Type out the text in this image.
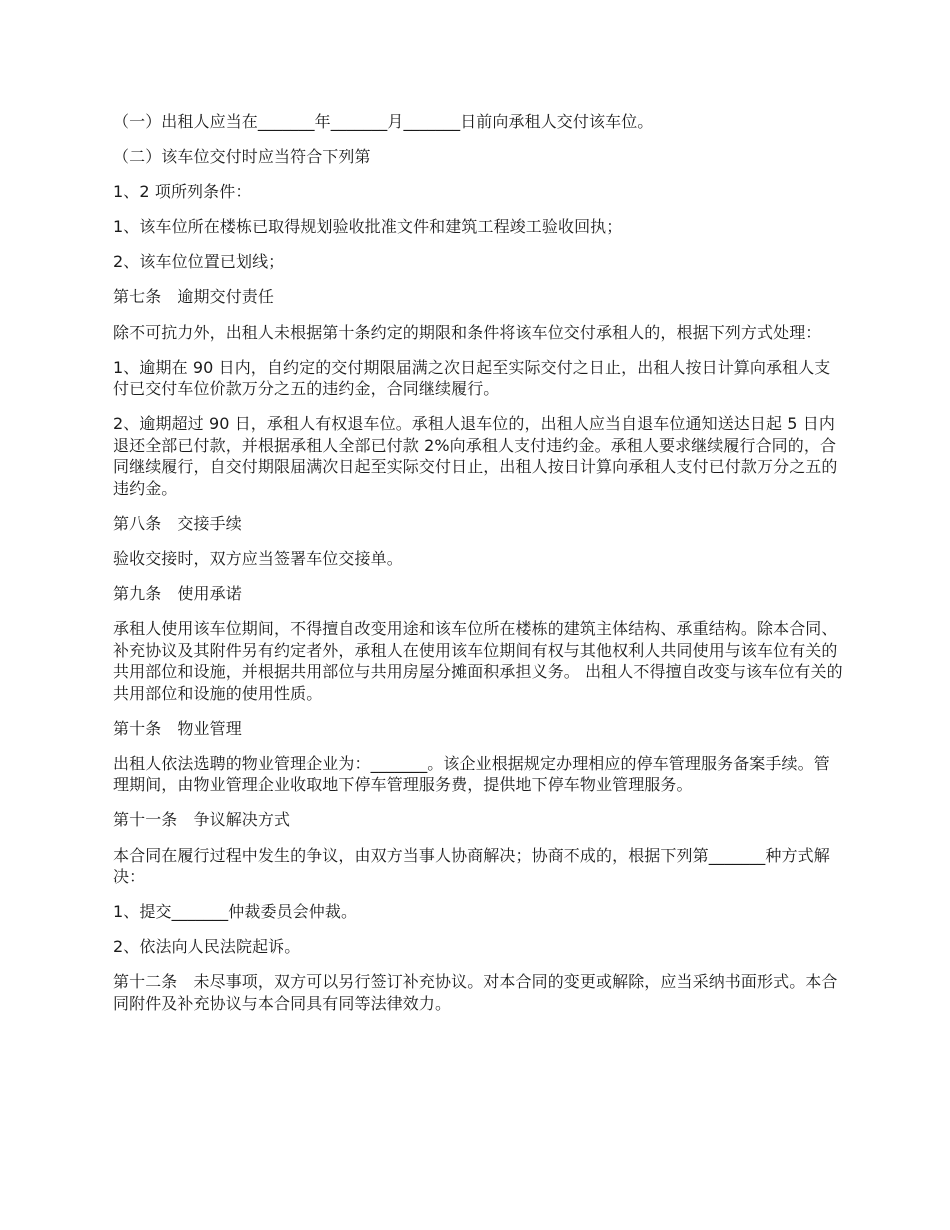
（一）出租人应当在_______年_______月_______日前向承租人交付该车位。

（二）该车位交付时应当符合下列第

1、2 项所列条件：

1、该车位所在楼栋已取得规划验收批准文件和建筑工程竣工验收回执；

2、该车位位置已划线；

第七条　逾期交付责任

除不可抗力外，出租人未根据第十条约定的期限和条件将该车位交付承租人的，根据下列方式处理：

1、逾期在 90 日内，自约定的交付期限届满之次日起至实际交付之日止，出租人按日计算向承租人支付已交付车位价款万分之五的违约金，合同继续履行。

2、逾期超过 90 日，承租人有权退车位。承租人退车位的，出租人应当自退车位通知送达日起 5 日内退还全部已付款，并根据承租人全部已付款 2%向承租人支付违约金。承租人要求继续履行合同的，合同继续履行，自交付期限届满次日起至实际交付日止，出租人按日计算向承租人支付已付款万分之五的违约金。

第八条　交接手续

验收交接时，双方应当签署车位交接单。

第九条　使用承诺

承租人使用该车位期间，不得擅自改变用途和该车位所在楼栋的建筑主体结构、承重结构。除本合同、补充协议及其附件另有约定者外，承租人在使用该车位期间有权与其他权利人共同使用与该车位有关的共用部位和设施，并根据共用部位与共用房屋分摊面积承担义务。 出租人不得擅自改变与该车位有关的共用部位和设施的使用性质。

第十条　物业管理

出租人依法选聘的物业管理企业为：_______。该企业根据规定办理相应的停车管理服务备案手续。管理期间，由物业管理企业收取地下停车管理服务费，提供地下停车物业管理服务。

第十一条　争议解决方式

本合同在履行过程中发生的争议，由双方当事人协商解决；协商不成的，根据下列第_______种方式解决：

1、提交_______仲裁委员会仲裁。

2、依法向人民法院起诉。

第十二条　未尽事项，双方可以另行签订补充协议。对本合同的变更或解除，应当采纳书面形式。本合同附件及补充协议与本合同具有同等法律效力。
